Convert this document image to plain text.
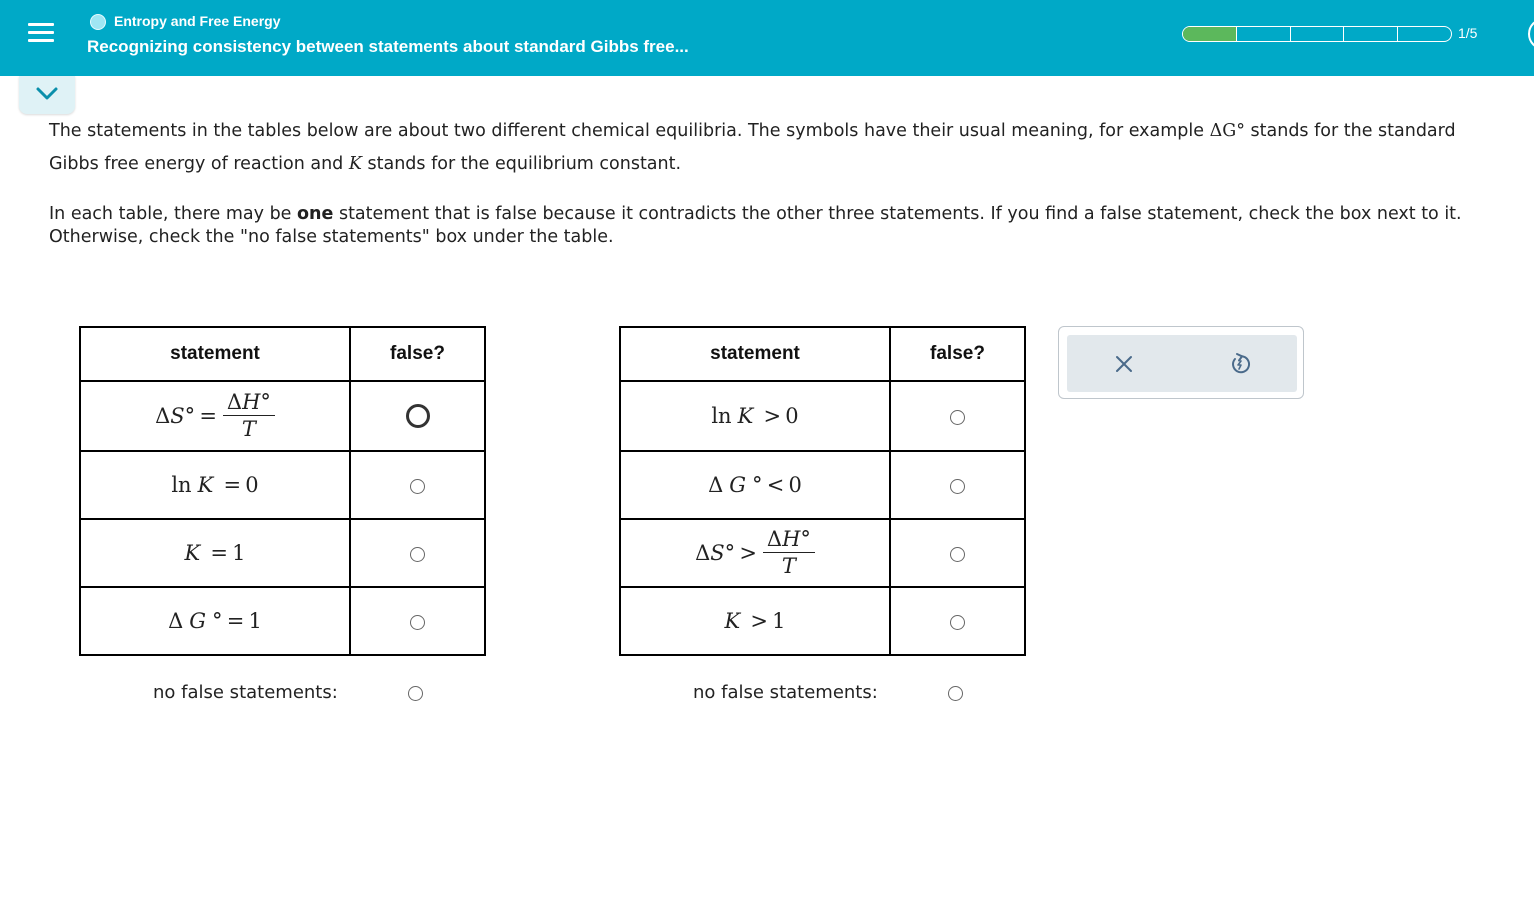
Entropy and Free Energy
Recognizing consistency between statements about standard Gibbs free...
1/5
The statements in the tables below are about two different chemical equilibria. The symbols have their usual meaning, for example ΔG° stands for the standard
Gibbs free energy of reaction and K stands for the equilibrium constant.
In each table, there may be one statement that is false because it contradicts the other three statements. If you find a false statement, check the box next to it.
Otherwise, check the "no false statements" box under the table.
statement	false?

$\Delta S^\circ = \frac{\Delta H^\circ}{T}$

ln K  = 0	

K  = 1	
Δ G ° = 1	
no false statements:
statement	false?
ln K  > 0	
Δ G ° < 0	

$\Delta S^\circ > \frac{\Delta H^\circ}{T}$

K  > 1	
no false statements:
